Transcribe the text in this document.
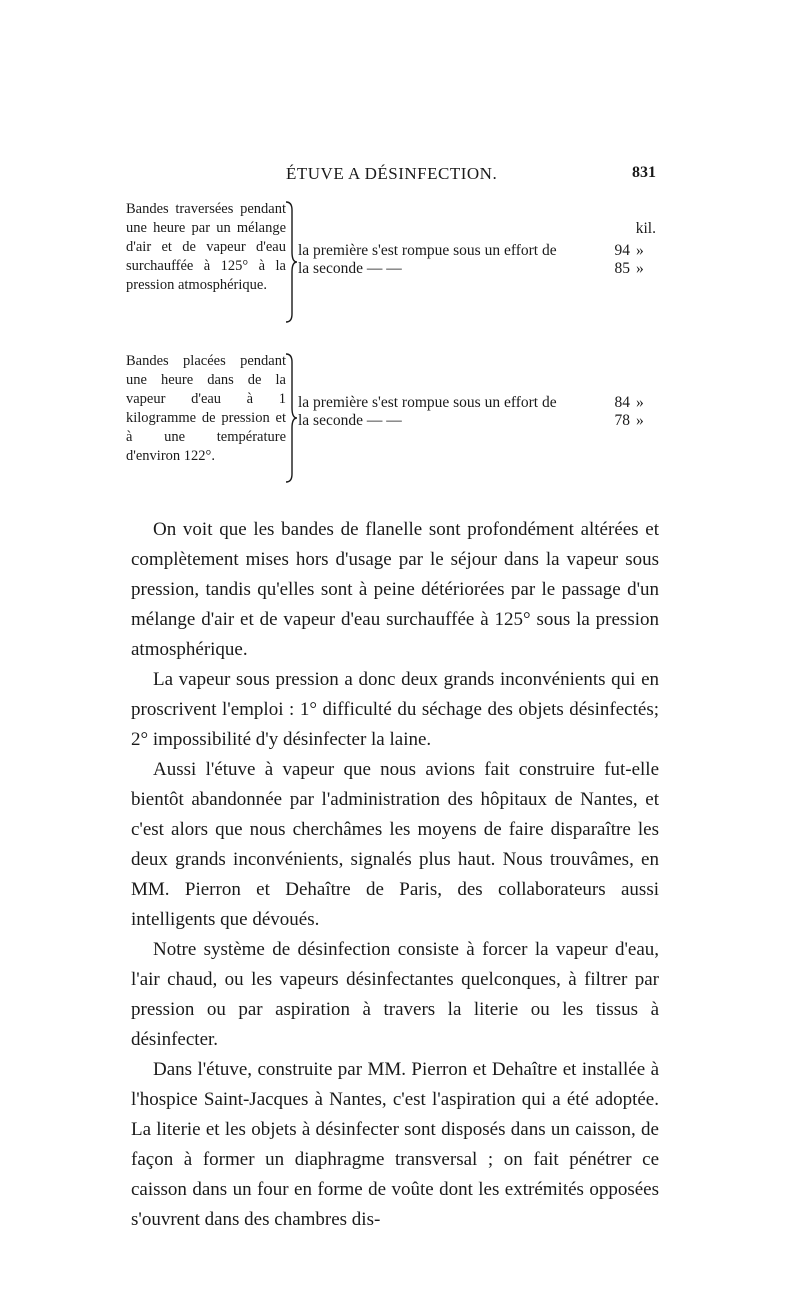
ÉTUVE A DÉSINFECTION.	831
Bandes traversées pendant une heure par un mélange d'air et de vapeur d'eau surchauffée à 125° à la pression atmosphérique.
kil.
la première s'est rompue sous un effort de	94 »
la seconde — —	85 »
Bandes placées pendant une heure dans de la vapeur d'eau à 1 kilogramme de pression et à une température d'environ 122°.
la première s'est rompue sous un effort de	84 »
la seconde — —	78 »

On voit que les bandes de flanelle sont profondément altérées et complètement mises hors d'usage par le séjour dans la vapeur sous pression, tandis qu'elles sont à peine détériorées par le passage d'un mélange d'air et de vapeur d'eau surchauffée à 125° sous la pression atmosphérique.

La vapeur sous pression a donc deux grands inconvénients qui en proscrivent l'emploi : 1° difficulté du séchage des objets désinfectés; 2° impossibilité d'y désinfecter la laine.

Aussi l'étuve à vapeur que nous avions fait construire fut-elle bientôt abandonnée par l'administration des hôpitaux de Nantes, et c'est alors que nous cherchâmes les moyens de faire disparaître les deux grands inconvénients, signalés plus haut. Nous trouvâmes, en MM. Pierron et Dehaître de Paris, des collaborateurs aussi intelligents que dévoués.

Notre système de désinfection consiste à forcer la vapeur d'eau, l'air chaud, ou les vapeurs désinfectantes quelconques, à filtrer par pression ou par aspiration à travers la literie ou les tissus à désinfecter.

Dans l'étuve, construite par MM. Pierron et Dehaître et installée à l'hospice Saint-Jacques à Nantes, c'est l'aspiration qui a été adoptée. La literie et les objets à désinfecter sont disposés dans un caisson, de façon à former un diaphragme transversal ; on fait pénétrer ce caisson dans un four en forme de voûte dont les extrémités opposées s'ouvrent dans des chambres dis-
